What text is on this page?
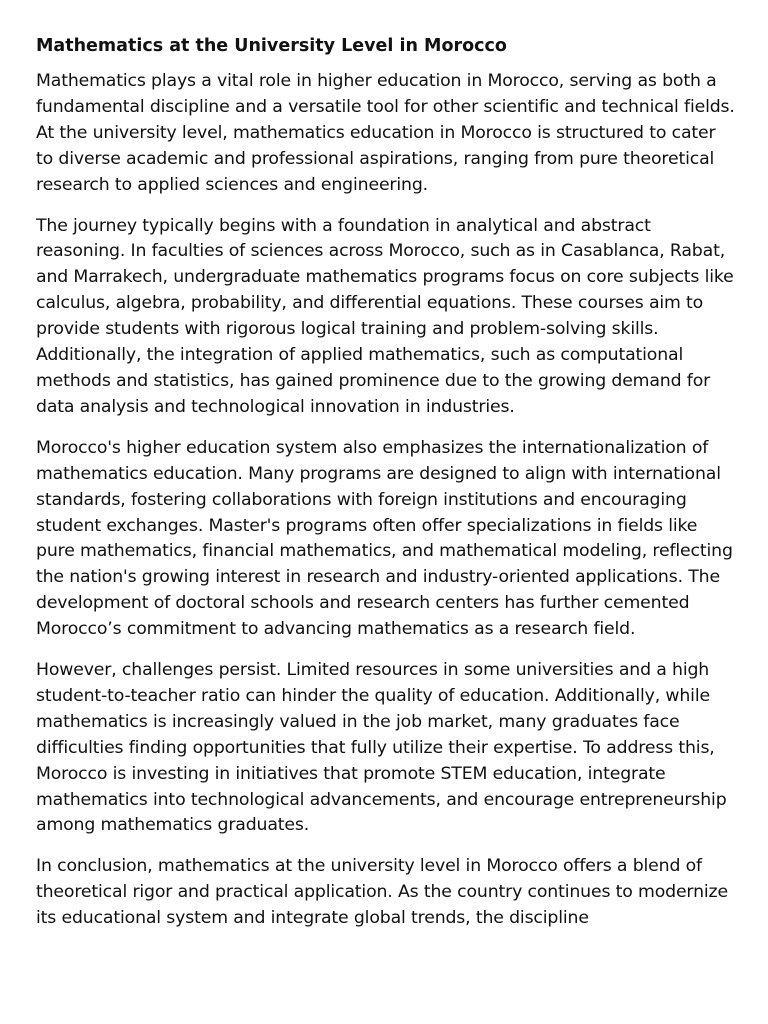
Mathematics at the University Level in Morocco

Mathematics plays a vital role in higher education in Morocco, serving as both a fundamental discipline and a versatile tool for other scientific and technical fields. At the university level, mathematics education in Morocco is structured to cater to diverse academic and professional aspirations, ranging from pure theoretical research to applied sciences and engineering.

The journey typically begins with a foundation in analytical and abstract reasoning. In faculties of sciences across Morocco, such as in Casablanca, Rabat, and Marrakech, undergraduate mathematics programs focus on core subjects like calculus, algebra, probability, and differential equations. These courses aim to provide students with rigorous logical training and problem-solving skills. Additionally, the integration of applied mathematics, such as computational methods and statistics, has gained prominence due to the growing demand for data analysis and technological innovation in industries.

Morocco's higher education system also emphasizes the internationalization of mathematics education. Many programs are designed to align with international standards, fostering collaborations with foreign institutions and encouraging student exchanges. Master's programs often offer specializations in fields like pure mathematics, financial mathematics, and mathematical modeling, reflecting the nation's growing interest in research and industry-oriented applications. The development of doctoral schools and research centers has further cemented Morocco’s commitment to advancing mathematics as a research field.

However, challenges persist. Limited resources in some universities and a high student-to-teacher ratio can hinder the quality of education. Additionally, while mathematics is increasingly valued in the job market, many graduates face difficulties finding opportunities that fully utilize their expertise. To address this, Morocco is investing in initiatives that promote STEM education, integrate mathematics into technological advancements, and encourage entrepreneurship among mathematics graduates.

In conclusion, mathematics at the university level in Morocco offers a blend of theoretical rigor and practical application. As the country continues to modernize its educational system and integrate global trends, the discipline
